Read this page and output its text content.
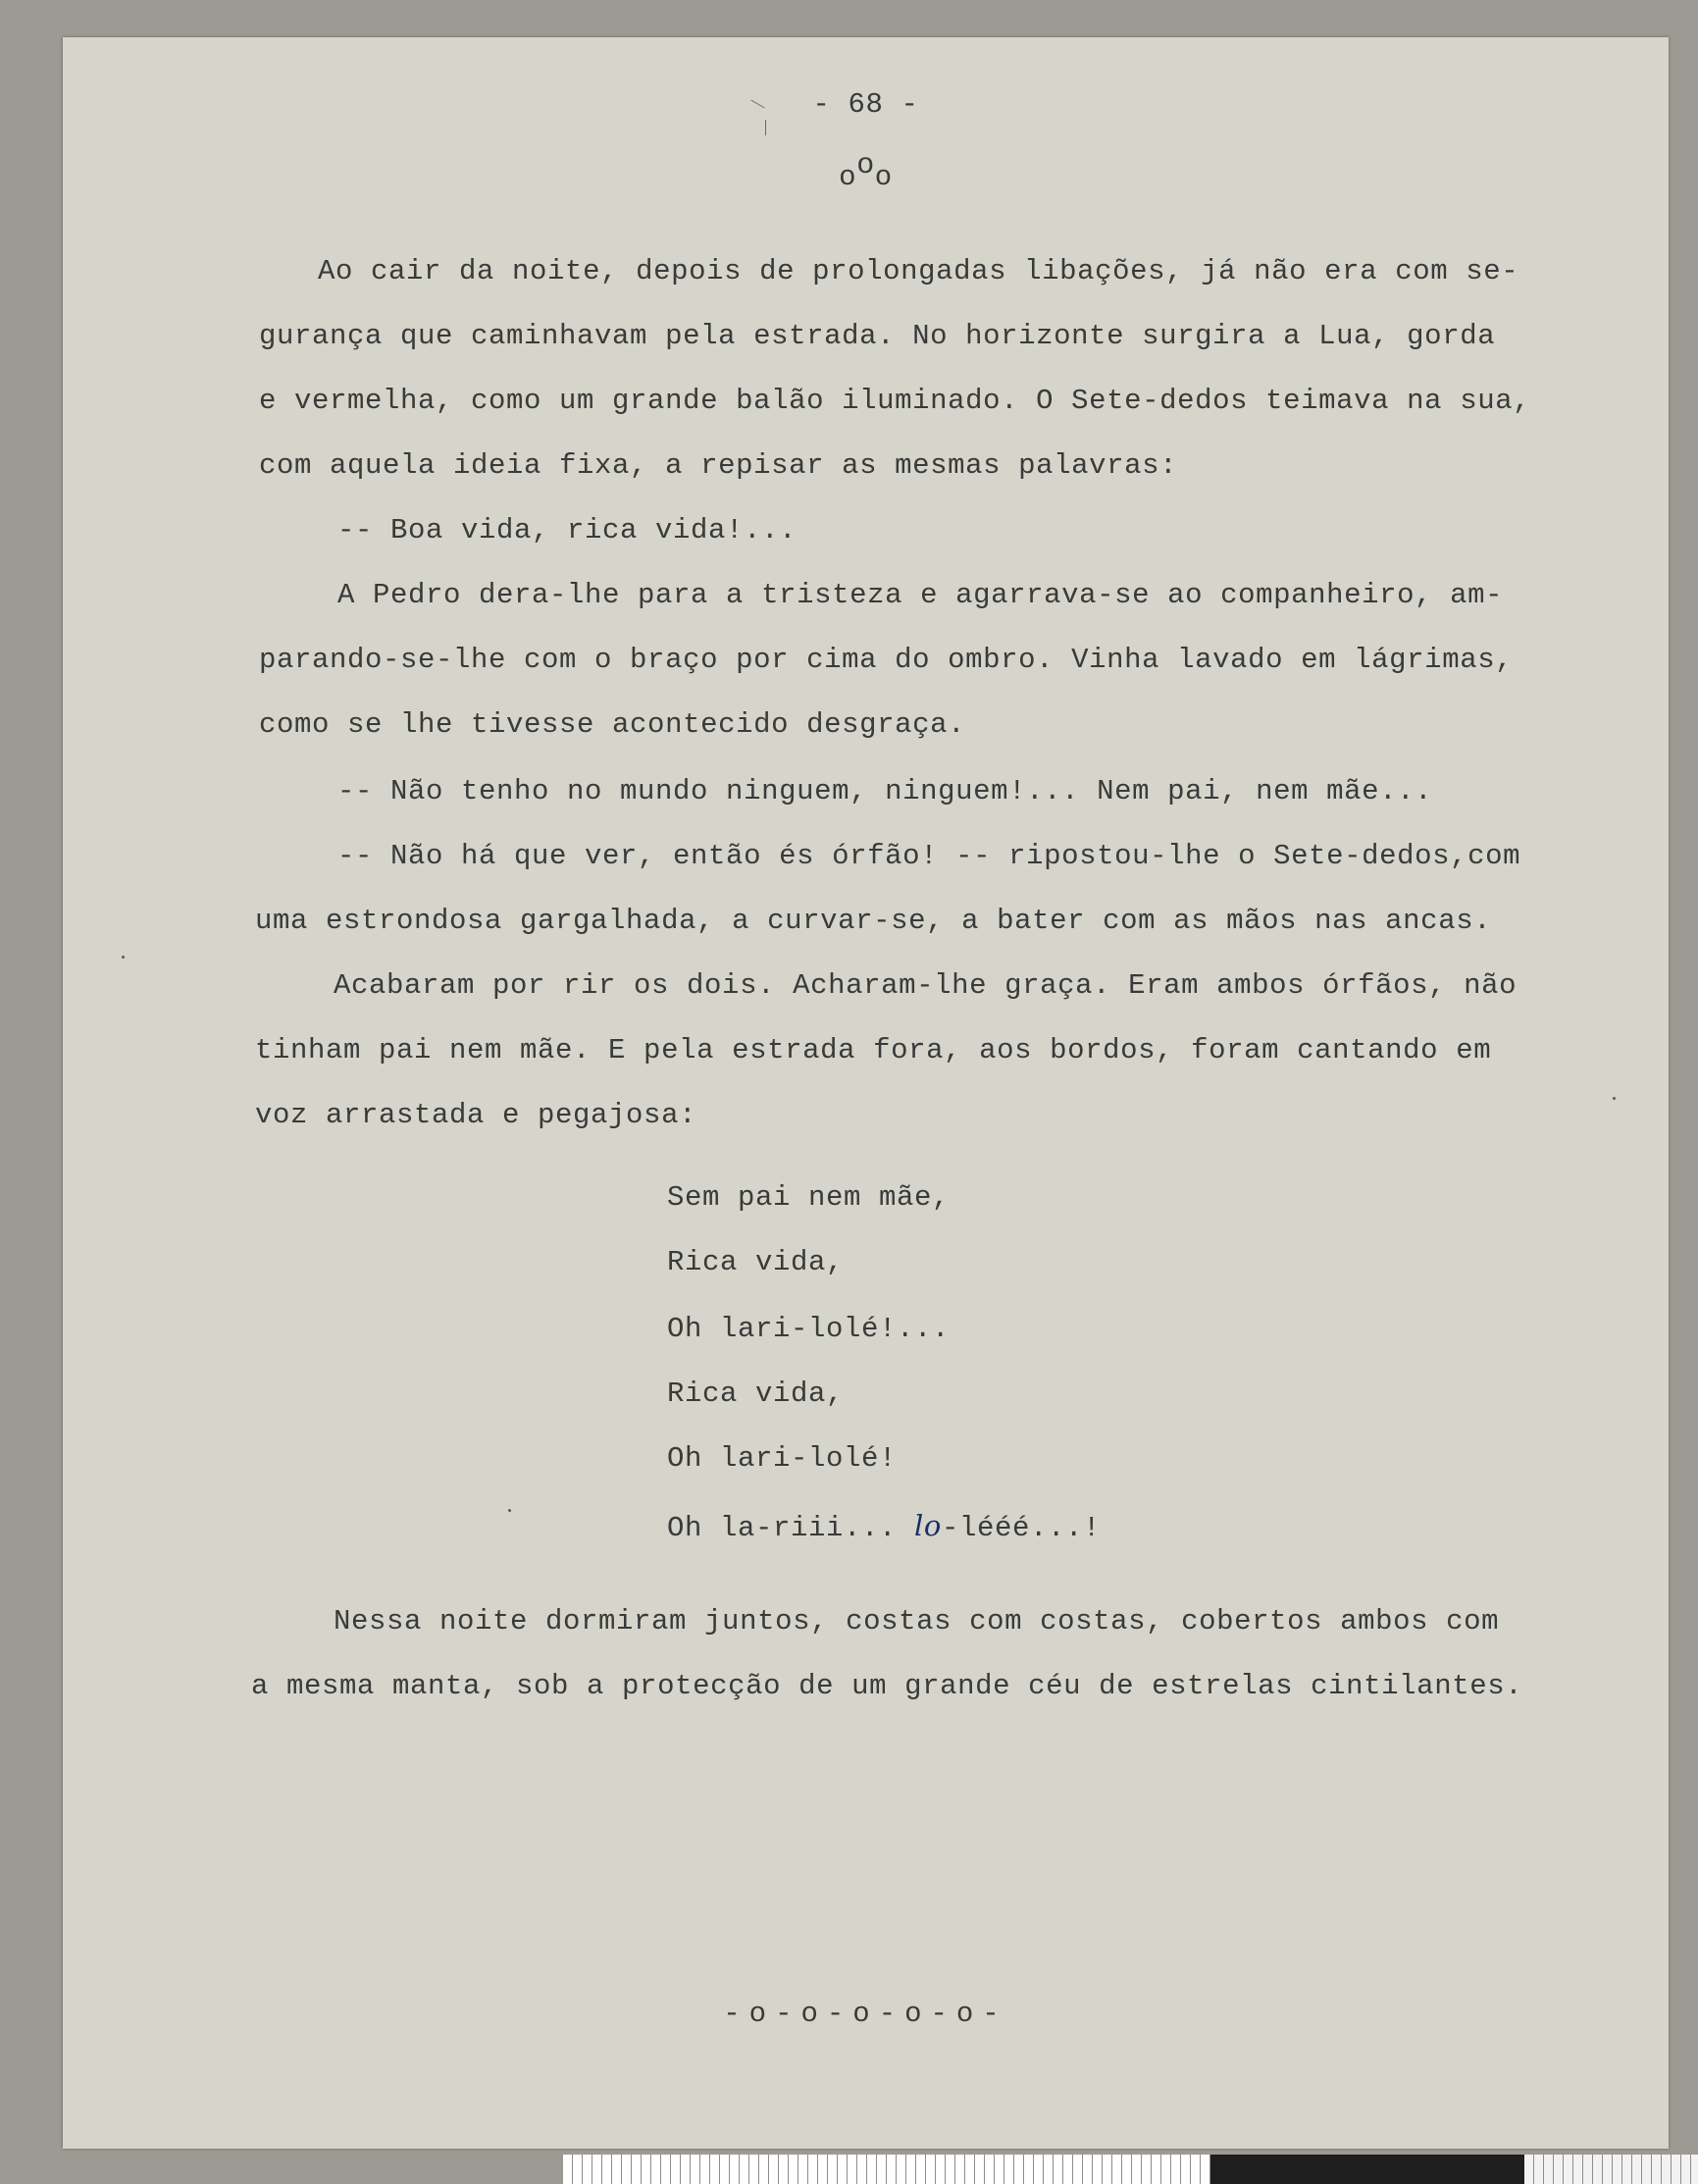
- 68 -
ooo
Ao cair da noite, depois de prolongadas libações, já não era com se-
gurança que caminhavam pela estrada. No horizonte surgira a Lua, gorda
e vermelha, como um grande balão iluminado. O Sete-dedos teimava na sua,
com aquela ideia fixa, a repisar as mesmas palavras:
-- Boa vida, rica vida!...
A Pedro dera-lhe para a tristeza e agarrava-se ao companheiro, am-
parando-se-lhe com o braço por cima do ombro. Vinha lavado em lágrimas,
como se lhe tivesse acontecido desgraça.
-- Não tenho no mundo ninguem, ninguem!... Nem pai, nem mãe...
-- Não há que ver, então és órfão! -- ripostou-lhe o Sete-dedos,com
uma estrondosa gargalhada, a curvar-se, a bater com as mãos nas ancas.
Acabaram por rir os dois. Acharam-lhe graça. Eram ambos órfãos, não
tinham pai nem mãe. E pela estrada fora, aos bordos, foram cantando em
voz arrastada e pegajosa:
Sem pai nem mãe,
Rica vida,
Oh lari-lolé!...
Rica vida,
Oh lari-lolé!
Oh la-riii... lo-lééé...!
Nessa noite dormiram juntos, costas com costas, cobertos ambos com
a mesma manta, sob a protecção de um grande céu de estrelas cintilantes.
-o-o-o-o-o-
